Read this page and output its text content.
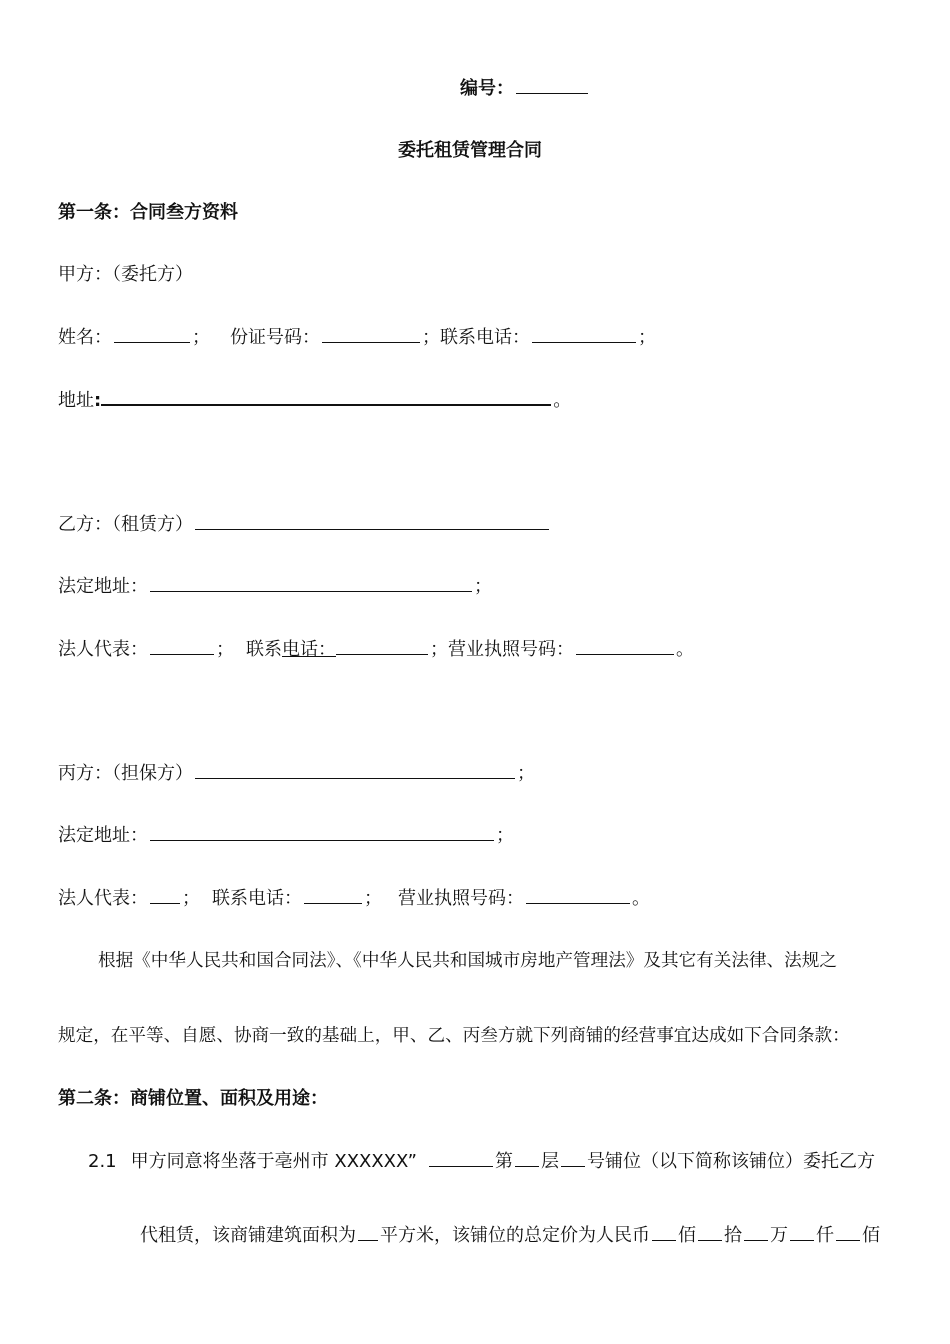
编号：
委托租赁管理合同
第一条：合同叁方资料
甲方：（委托方）
姓名：	； 份证号码：	；联系电话：	；
地址:	。
乙方：（租赁方）
法定地址：	；
法人代表：	； 联系电话：	；营业执照号码：	。
丙方：（担保方）	；
法定地址：	；
法人代表： ； 联系电话：	； 营业执照号码：	。
根据《中华人民共和国合同法》、《中华人民共和国城市房地产管理法》及其它有关法律、法规之
规定，在平等、自愿、协商一致的基础上，甲、乙、丙叁方就下列商铺的经营事宜达成如下合同条款：
第二条：商铺位置、面积及用途：
2.1 甲方同意将坐落于亳州市 XXXXXX”	第 层 号铺位（以下简称该铺位）委托乙方
代租赁，该商铺建筑面积为 平方米，该铺位的总定价为人民币 佰 拾 万 仟 佰
